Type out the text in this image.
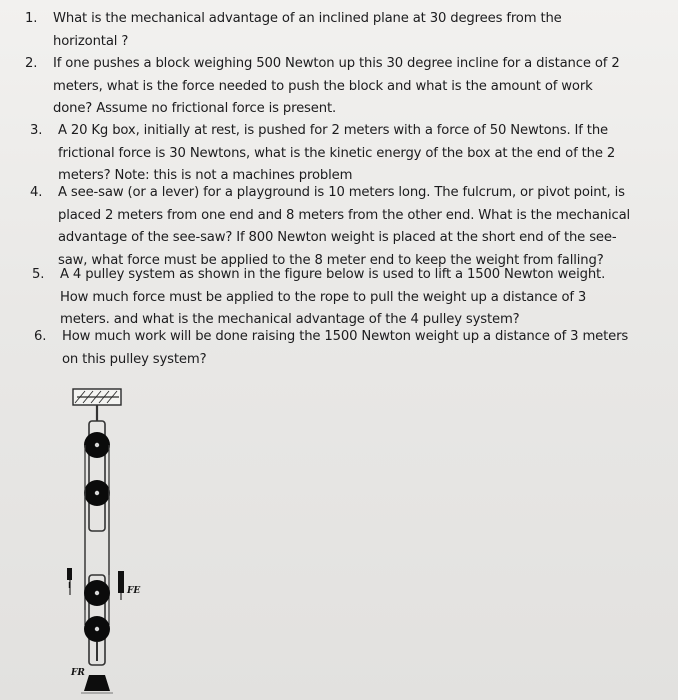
1. What is the mechanical advantage of an inclined plane at 30 degrees from the
horizontal ?
2. If one pushes a block weighing 500 Newton up this 30 degree incline for a distance of 2
meters, what is the force needed to push the block and what is the amount of work
done? Assume no frictional force is present.
3. A 20 Kg box, initially at rest, is pushed for 2 meters with a force of 50 Newtons. If the
frictional force is 30 Newtons, what is the kinetic energy of the box at the end of the 2
meters? Note: this is not a machines problem
4. A see-saw (or a lever) for a playground is 10 meters long. The fulcrum, or pivot point, is
placed 2 meters from one end and 8 meters from the other end. What is the mechanical
advantage of the see-saw? If 800 Newton weight is placed at the short end of the see-
saw, what force must be applied to the 8 meter end to keep the weight from falling?
5. A 4 pulley system as shown in the figure below is used to lift a 1500 Newton weight.
How much force must be applied to the rope to pull the weight up a distance of 3
meters. and what is the mechanical advantage of the 4 pulley system?
6. How much work will be done raising the 1500 Newton weight up a distance of 3 meters
on this pulley system?
FE
FR
